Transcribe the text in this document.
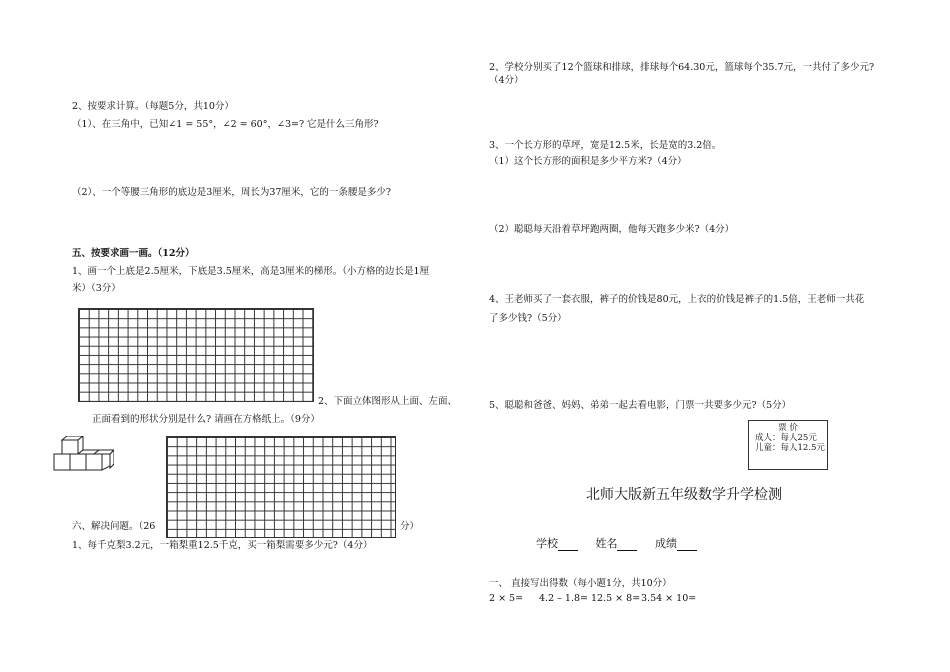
2、按要求计算。（每题5分，共10分）
（1）、在三角中，已知∠1 = 55°，∠2 = 60°，∠3=? 它是什么三角形?
（2）、一个等腰三角形的底边是3厘米，周长为37厘米，它的一条腰是多少?
五、按要求画一画。（12分）
1、画一个上底是2.5厘米，下底是3.5厘米，高是3厘米的梯形。（小方格的边长是1厘
米）（3分）
2、下面立体图形从上面、左面、
正面看到的形状分别是什么? 请画在方格纸上。（9分）
六、解决问题。（26	分）
1、每千克梨3.2元，一箱梨重12.5千克，买一箱梨需要多少元?（4分）
2、学校分别买了12个篮球和排球，排球每个64.30元，篮球每个35.7元，一共付了多少元?
（4分）
3、一个长方形的草坪，宽是12.5米，长是宽的3.2倍。
（1）这个长方形的面积是多少平方米?（4分）
（2）聪聪每天沿着草坪跑两圈，他每天跑多少米?（4分）
4、王老师买了一套衣服，裤子的价钱是80元，上衣的价钱是裤子的1.5倍，王老师一共花
了多少钱?（5分）
5、聪聪和爸爸、妈妈、弟弟一起去看电影，门票一共要多少元?（5分）
票 价
成人：每人25元
儿童：每人12.5元
北师大版新五年级数学升学检测
学校	姓名	成绩
一、 直接写出得数（每小题1分，共10分）
2 × 5= 4.2 – 1.8= 12.5 × 8= 3.54 × 10=
